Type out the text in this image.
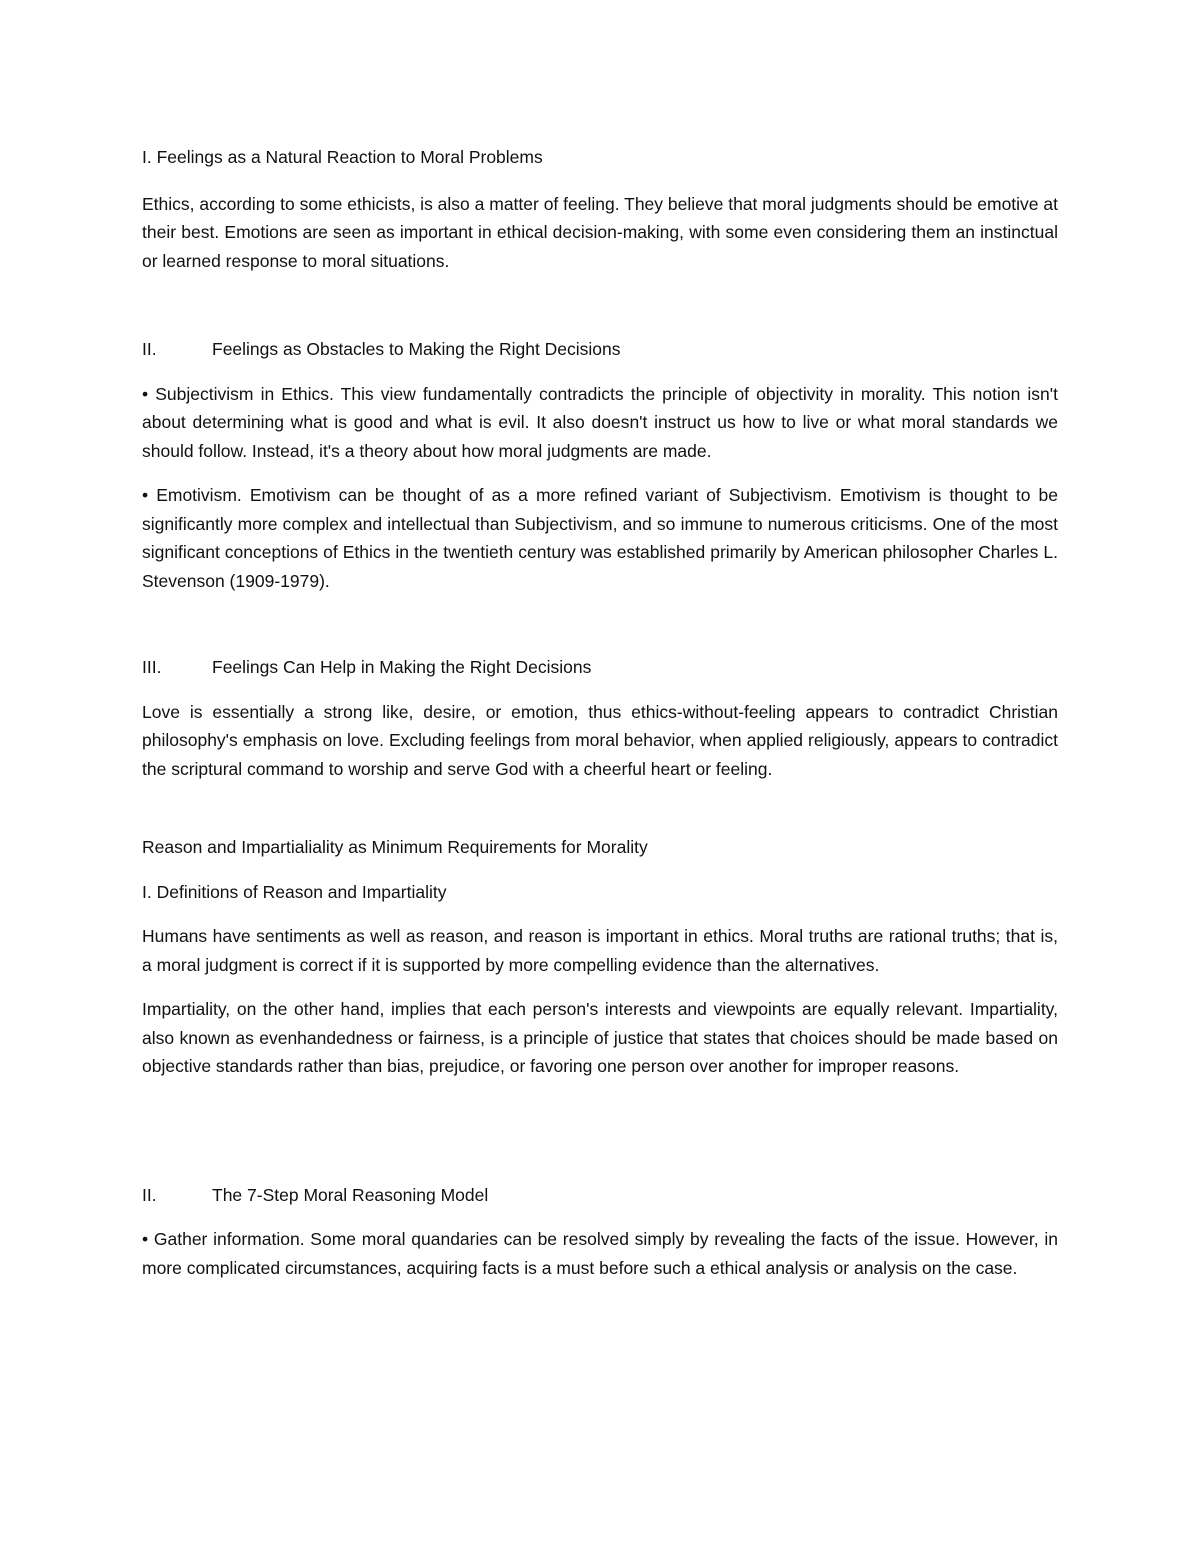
I. Feelings as a Natural Reaction to Moral Problems

Ethics, according to some ethicists, is also a matter of feeling. They believe that moral judgments should be emotive at their best. Emotions are seen as important in ethical decision-making, with some even considering them an instinctual or learned response to moral situations.

II.	Feelings as Obstacles to Making the Right Decisions

• Subjectivism in Ethics. This view fundamentally contradicts the principle of objectivity in morality. This notion isn't about determining what is good and what is evil. It also doesn't instruct us how to live or what moral standards we should follow. Instead, it's a theory about how moral judgments are made.

• Emotivism. Emotivism can be thought of as a more refined variant of Subjectivism. Emotivism is thought to be significantly more complex and intellectual than Subjectivism, and so immune to numerous criticisms. One of the most significant conceptions of Ethics in the twentieth century was established primarily by American philosopher Charles L. Stevenson (1909-1979).

III.	Feelings Can Help in Making the Right Decisions

Love is essentially a strong like, desire, or emotion, thus ethics-without-feeling appears to contradict Christian philosophy's emphasis on love. Excluding feelings from moral behavior, when applied religiously, appears to contradict the scriptural command to worship and serve God with a cheerful heart or feeling.

Reason and Impartialiality as Minimum Requirements for Morality

I. Definitions of Reason and Impartiality

Humans have sentiments as well as reason, and reason is important in ethics. Moral truths are rational truths; that is, a moral judgment is correct if it is supported by more compelling evidence than the alternatives.

Impartiality, on the other hand, implies that each person's interests and viewpoints are equally relevant. Impartiality, also known as evenhandedness or fairness, is a principle of justice that states that choices should be made based on objective standards rather than bias, prejudice, or favoring one person over another for improper reasons.

II.	The 7-Step Moral Reasoning Model

• Gather information. Some moral quandaries can be resolved simply by revealing the facts of the issue. However, in more complicated circumstances, acquiring facts is a must before such a ethical analysis or analysis on the case.
